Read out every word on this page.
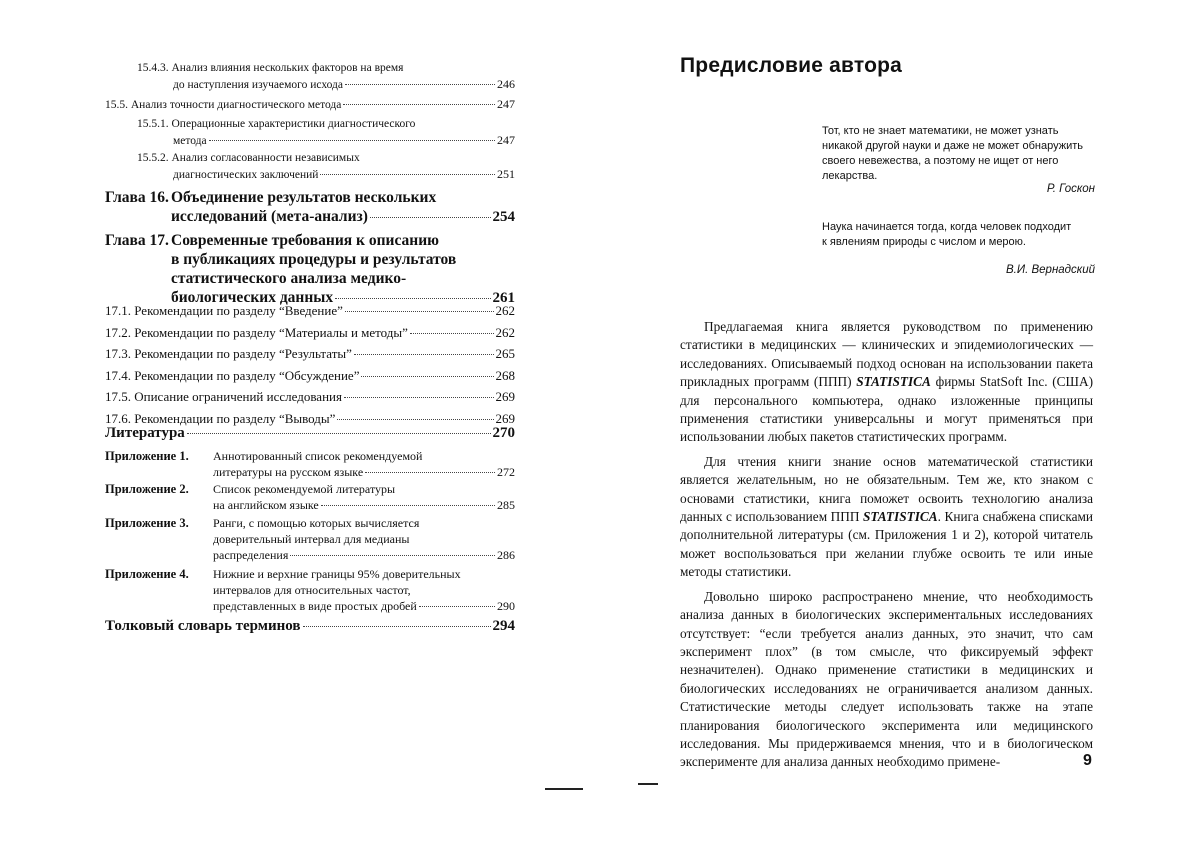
15.4.3. Анализ влияния нескольких факторов на время
до наступления изучаемого исхода	246
15.5.
Анализ точности диагностического метода	247
15.5.1. Операционные характеристики диагностического
метода	247
15.5.2. Анализ согласованности независимых
диагностических заключений	251
Глава 16. Объединение результатов нескольких
исследований (мета-анализ)	254
Глава 17. Современные требования к описанию
в публикациях процедуры и результатов
статистического анализа медико-
биологических данных	261
17.1.
Рекомендации по разделу “Введение”	262
17.2.
Рекомендации по разделу “Материалы и методы”	262
17.3.
Рекомендации по разделу “Результаты”	265
17.4.
Рекомендации по разделу “Обсуждение”	268
17.5.
Описание ограничений исследования	269
17.6.
Рекомендации по разделу “Выводы”	269
Литература	270
Приложение 1.	Аннотированный список рекомендуемой
литературы на русском языке	272
Приложение 2.	Список рекомендуемой литературы
на английском языке	285
Приложение 3.	Ранги, с помощью которых вычисляется
доверительный интервал для медианы
распределения	286
Приложение 4.	Нижние и верхние границы 95% доверительных
интервалов для относительных частот,
представленных в виде простых дробей	290
Толковый словарь терминов	294
Предисловие автора
Тот, кто не знает математики, не может узнать никакой другой науки и даже не может обнаружить своего невежества, а поэтому не ищет от него лекарства.
Р. Госкон
Наука начинается тогда, когда человек подходит к явлениям природы с числом и мерою.
В.И. Вернадский

Предлагаемая книга является руководством по применению статистики в медицинских — клинических и эпидемиологических — исследованиях. Описываемый подход основан на использовании пакета прикладных программ (ППП) STATISTICA фирмы StatSoft Inc. (США) для персонального компьютера, однако изложенные принципы применения статистики универсальны и могут применяться при использовании любых пакетов статистических программ.

Для чтения книги знание основ математической статистики является желательным, но не обязательным. Тем же, кто знаком с основами статистики, книга поможет освоить технологию анализа данных с использованием ППП STATISTICA. Книга снабжена списками дополнительной литературы (см. Приложения 1 и 2), которой читатель может воспользоваться при желании глубже освоить те или иные методы статистики.

Довольно широко распространено мнение, что необходимость анализа данных в биологических экспериментальных исследованиях отсутствует: “если требуется анализ данных, это значит, что сам эксперимент плох” (в том смысле, что фиксируемый эффект незначителен). Однако применение статистики в медицинских и биологических исследованиях не ограничивается анализом данных. Статистические методы следует использовать также на этапе планирования биологического эксперимента или медицинского исследования. Мы придерживаемся мнения, что и в биологическом эксперименте для анализа данных необходимо примене-	9
